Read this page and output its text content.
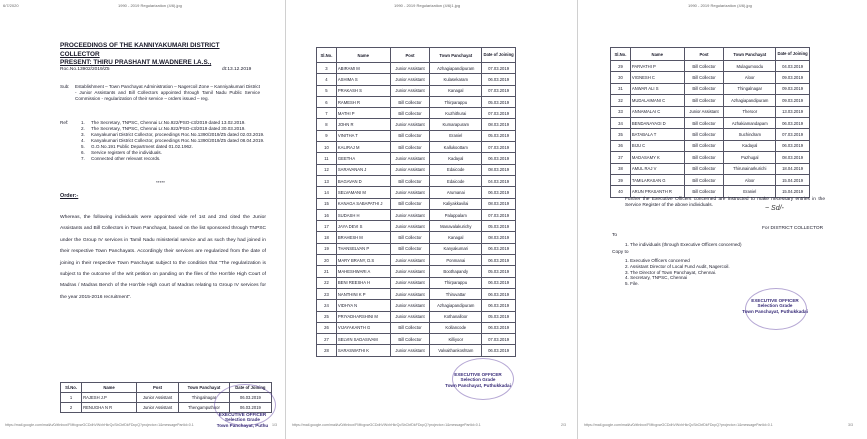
6/7/2020	1990 - 2019 Regularization (4/6).jpg
PROCEEDINGS OF THE KANNIYAKUMARI DISTRICT COLLECTOR
PRESENT: THIRU PRASHANT M.WADNERE I.A.S.,
Roc.No.13902/2019/Z5	dt:13.12.2019
Sub: Establishment – Town Panchayat Administration – Nagercoil Zone – Kanniyakumari District - Junior Assistants and Bill Collectors appointed through Tamil Nadu Public Service Commission - regularization of their service – orders issued – reg.
Ref:	1.	The Secretary, TNPSC, Chennai Lr.No.922/PSO-c3/2019 dated 13.02.2019.
2.	The Secretary, TNPSC, Chennai Lr.No.922/PSO-c3/2019 dated 30.03.2019.
3.	Kanyakumari District Collector, proceedings Roc.No.1390/2019/Z5 dated 02.03.2019.
4.	Kanyakumari District Collector, proceedings Roc.No.1390/2019/Z5 dated 08.04.2019.
5.	G.O.No.191 Public Department dated 01.02.1962.
6.	Service registers of the individuals.
7.	Connected other relevant records.
*****
Order:-
Whereas, the following individuals were appointed vide ref 1st and 2nd cited the Junior Assistants and Bill Collectors in Town Panchayat, based on the list sponsored through TNPSC under the Group IV services in Tamil Nadu ministerial service and as such they had joined in their respective Town Panchayats. Accordingly their services are regularized from the date of joining in their respective Town Panchayat subject to the condition that "The regularization is subject to the outcome of the writ petition on panding on the files of the Hon'ble High Court of Madras / Madras Bench of the Hon'ble High court of Madras relating to Group IV services for the year 2015-2016 recruitment".
Sl.No.	Name	Post	Town Panchayat	Date of Joining
1	RAJESH J.P	Junior Assistant	Thingalnagar	06.03.2019
2	RENUGHA N R	Junior Assistant	Thengamputhoor	06.03.2019
EXECUTIVE OFFICER
Selection Grade
Town Panchayat, Puthu
https://mail.google.com/mail/u/0/#inbox/FMfcgxwGCDdhVWxhHkrQcSbCbfDkFDcpQ?projector=1&messagePartId=0.1	1/3
1990 - 2019 Regularization (4/6)1.jpg
https://mail.google.com/mail/u/0/#inbox/FMfcgxwGCDdhVWxhHkrQcSbCbfDkFDcpQ?projector=1&messagePartId=0.1	2/3
Sl.No.	Name	Post	Town Panchayat	Date of Joining
3	ABIRAMI M	Junior Assistant	Azhagiapandipuram	07.03.2019
4	ASHIMA S	Junior Assistant	Kulasekaram	06.03.2019
5	PRAKASH S	Junior Assistant	Kanagal	07.03.2019
6	RAMESH R	Bill Collector	Thirparappu	05.03.2019
7	MATHI P	Bill Collector	Kuzhithurai	07.03.2019
8	JOHN R	Junior Assistant	Kumarapuram	08.03.2019
9	VINITHA T	Bill Collector	Eraniel	05.03.2019
10	KALIRAJ M	Bill Collector	Kallukoottam	07.03.2019
11	GEETHA	Junior Assistant	Kadayal	06.03.2019
12	SARAVANAN J	Junior Assistant	Edaicode	08.03.2019
13	BAGAVAN D	Bill Collector	Edaicode	04.03.2019
14	SELVAMANI M	Junior Assistant	Arumanai	06.03.2019
15	KANAGA SABAPATHI J	Bill Collector	Kaliyakkavilai	08.03.2019
16	SUDASH H	Junior Assistant	Palappalam	07.03.2019
17	JAYA DEVI S	Junior Assistant	Manavalakurichy	05.03.2019
18	BRAHESH M	Bill Collector	Kanagal	08.03.2019
19	THANSELVAN P	Bill Collector	Kanyakumari	06.03.2019
20	MARY BRANY, D.S	Junior Assistant	Ponmanai	06.03.2019
21	MAHESHWARI A	Junior Assistant	Boothapandy	05.03.2019
22	BENI REESHA H	Junior Assistant	Thirparappu	06.03.2019
23	NANTHINI K P	Junior Assistant	Thiruvattar	06.03.2019
24	VIDHYA N	Junior Assistant	Azhagiapandipuram	06.03.2019
25	PRIYADHARSHINI M	Junior Assistant	Kothanalloor	05.03.2019
26	VIJAYAKANTH G	Bill Collector	Kollancode	06.03.2019
27	SELVIN SADASIVAM	Bill Collector	Killiyoor	07.03.2019
28	SARASWATHI K	Junior Assistant	Valvaithankoshtam	06.03.2019
EXECUTIVE OFFICER
Selection Grade
Town Panchayat, Puthukkadai
1990 - 2019 Regularization (4/6).jpg
https://mail.google.com/mail/u/0/#inbox/FMfcgxwGCDdhVWxhHkrQcSbCbfDkFDcpQ?projector=1&messagePartId=0.1	3/3
Sl.No.	Name	Post	Town Panchayat	Date of Joining
29	PARVATHI P	Bill Collector	Mulagumoodu	04.03.2019
30	VIGNESH C	Bill Collector	Aloor	09.03.2019
31	ANWAR ALI S	Bill Collector	Thingalnagar	09.03.2019
32	MUDALAIMANI C	Bill Collector	Azhagiapandipuram	09.03.2019
33	ANNAMALAI C	Junior Assistant	Theroor	13.03.2019
34	BENDANAYAGI D	Bill Collector	Azhakiamandapam	06.03.2019
35	BATABALA T	Bill Collector	Suchindram	07.03.2019
36	BIJU C	Bill Collector	Kadayal	06.03.2019
37	MADASAMY K	Bill Collector	Pazhugal	08.03.2019
38	AMUL RAJ V	Bill Collector	Thirunainarkurichi	18.04.2019
39	TAMILARASAN G	Bill Collector	Aloor	15.04.2019
40	ARUN PRASANTH R	Bill Collector	Eraniel	15.04.2019
Further the Executive Officers concerned are instructed to make necessary entries in the Service Register of the above individuals.	~ Sd/-
For DISTRICT COLLECTOR
To
1. The individuals (through Executive Officers concerned)
Copy to
1. Executive Officers concerned
2. Assistant Director of Local Fund Audit, Nagercoil.
3. The Director of Town Panchayat, Chennai.
4. Secretary, TNPSC, Chennai
5. File.
EXECUTIVE OFFICER
Selection Grade
Town Panchayat, Puthukkadai
